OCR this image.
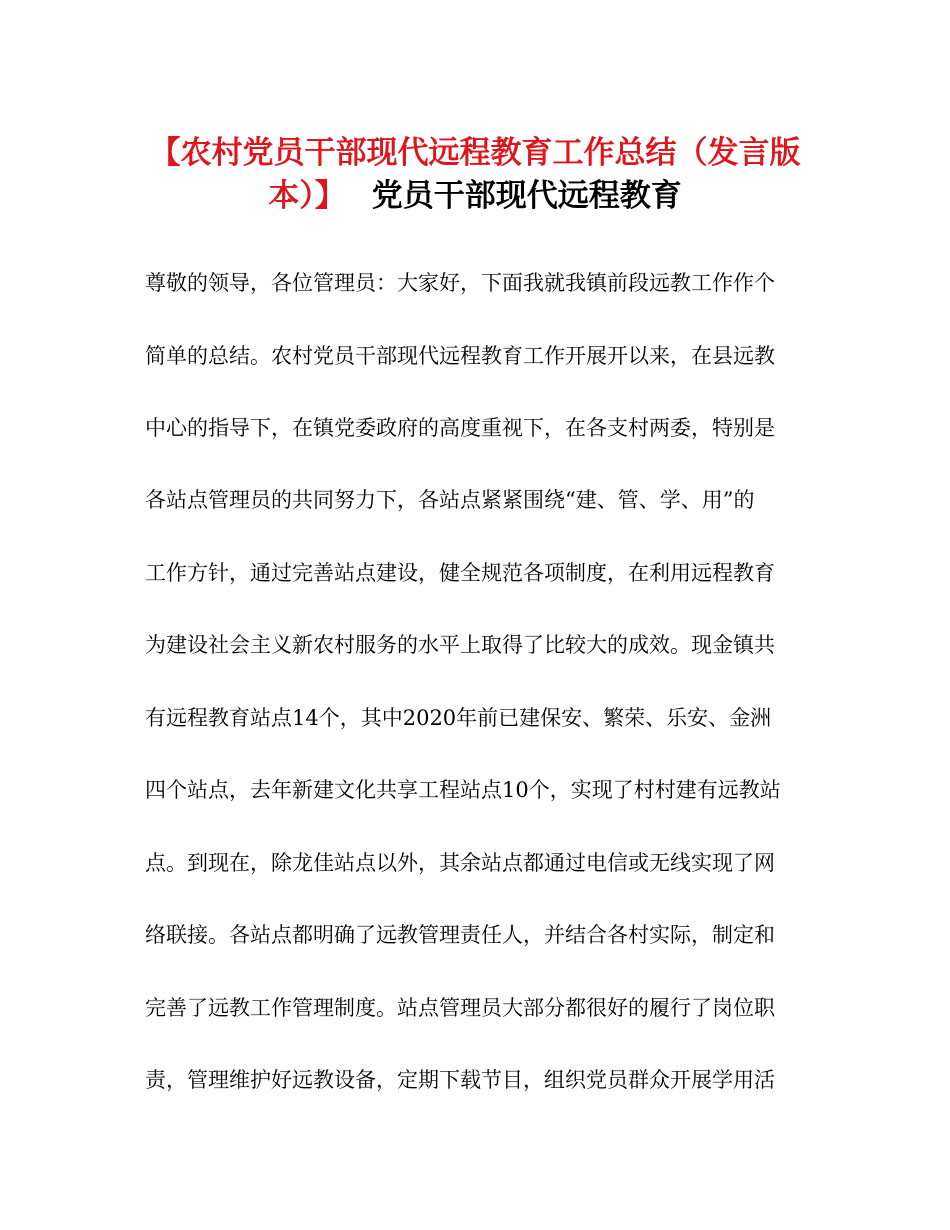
【农村党员干部现代远程教育工作总结（发言版
本）】 党员干部现代远程教育
尊敬的领导，各位管理员：大家好，下面我就我镇前段远教工作作个
简单的总结。农村党员干部现代远程教育工作开展开以来，在县远教
中心的指导下，在镇党委政府的高度重视下，在各支村两委，特别是
各站点管理员的共同努力下，各站点紧紧围绕“建、管、学、用”的
工作方针，通过完善站点建设，健全规范各项制度，在利用远程教育
为建设社会主义新农村服务的水平上取得了比较大的成效。现金镇共
有远程教育站点14个，其中2020年前已建保安、繁荣、乐安、金洲
四个站点，去年新建文化共享工程站点10个，实现了村村建有远教站
点。到现在，除龙佳站点以外，其余站点都通过电信或无线实现了网
络联接。各站点都明确了远教管理责任人，并结合各村实际，制定和
完善了远教工作管理制度。站点管理员大部分都很好的履行了岗位职
责，管理维护好远教设备，定期下载节目，组织党员群众开展学用活
